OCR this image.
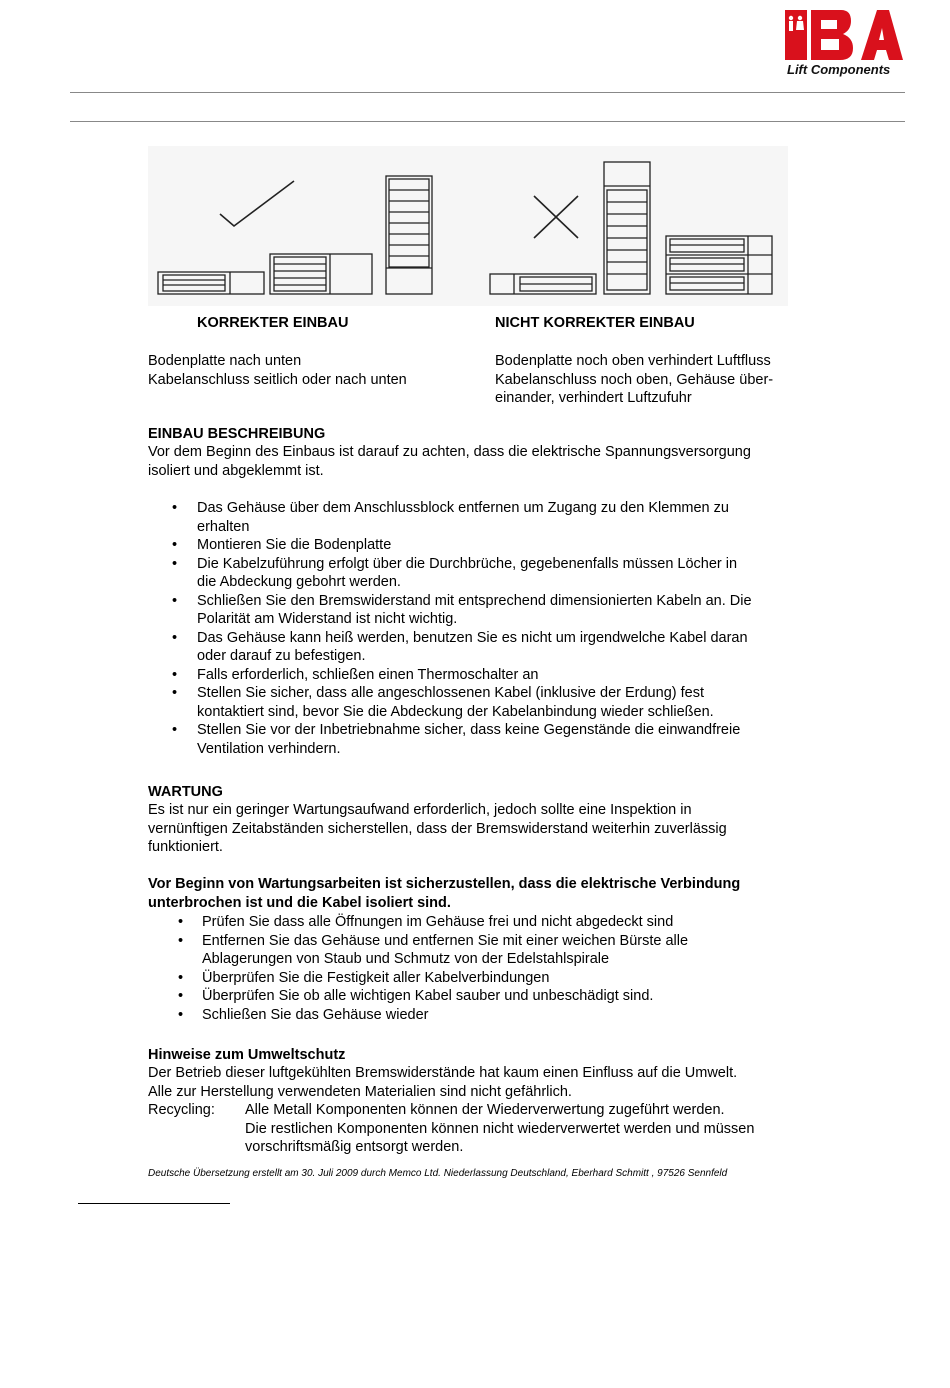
Lift Components
KORREKTER EINBAU	NICHT KORREKTER EINBAU
Bodenplatte nach unten
Kabelanschluss seitlich oder nach unten
Bodenplatte noch oben verhindert Luftfluss
Kabelanschluss noch oben, Gehäuse über-
einander, verhindert Luftzufuhr
EINBAU BESCHREIBUNG
Vor dem Beginn des Einbaus ist darauf zu achten, dass die elektrische Spannungsversorgung
isoliert und abgeklemmt ist.
• Das Gehäuse über dem Anschlussblock entfernen um Zugang zu den Klemmen zu
erhalten
• Montieren Sie die Bodenplatte
• Die Kabelzuführung erfolgt über die Durchbrüche, gegebenenfalls müssen Löcher in
die Abdeckung gebohrt werden.
• Schließen Sie den Bremswiderstand mit entsprechend dimensionierten Kabeln an. Die
Polarität am Widerstand ist nicht wichtig.
• Das Gehäuse kann heiß werden, benutzen Sie es nicht um irgendwelche Kabel daran
oder darauf zu befestigen.
• Falls erforderlich, schließen einen Thermoschalter an
• Stellen Sie sicher, dass alle angeschlossenen Kabel (inklusive der Erdung) fest
kontaktiert sind, bevor Sie die Abdeckung der Kabelanbindung wieder schließen.
• Stellen Sie vor der Inbetriebnahme sicher, dass keine Gegenstände die einwandfreie
Ventilation verhindern.
WARTUNG
Es ist nur ein geringer Wartungsaufwand erforderlich, jedoch sollte eine Inspektion in
vernünftigen Zeitabständen sicherstellen, dass der Bremswiderstand weiterhin zuverlässig
funktioniert.
Vor Beginn von Wartungsarbeiten ist sicherzustellen, dass die elektrische Verbindung
unterbrochen ist und die Kabel isoliert sind.
• Prüfen Sie dass alle Öffnungen im Gehäuse frei und nicht abgedeckt sind
• Entfernen Sie das Gehäuse und entfernen Sie mit einer weichen Bürste alle
Ablagerungen von Staub und Schmutz von der Edelstahlspirale
• Überprüfen Sie die Festigkeit aller Kabelverbindungen
• Überprüfen Sie ob alle wichtigen Kabel sauber und unbeschädigt sind.
• Schließen Sie das Gehäuse wieder
Hinweise zum Umweltschutz
Der Betrieb dieser luftgekühlten Bremswiderstände hat kaum einen Einfluss auf die Umwelt.
Alle zur Herstellung verwendeten Materialien sind nicht gefährlich.
Recycling: Alle Metall Komponenten können der Wiederverwertung zugeführt werden.
Die restlichen Komponenten können nicht wiederverwertet werden und müssen
vorschriftsmäßig entsorgt werden.
Deutsche Übersetzung erstellt am 30. Juli 2009 durch Memco Ltd. Niederlassung Deutschland, Eberhard Schmitt , 97526 Sennfeld
